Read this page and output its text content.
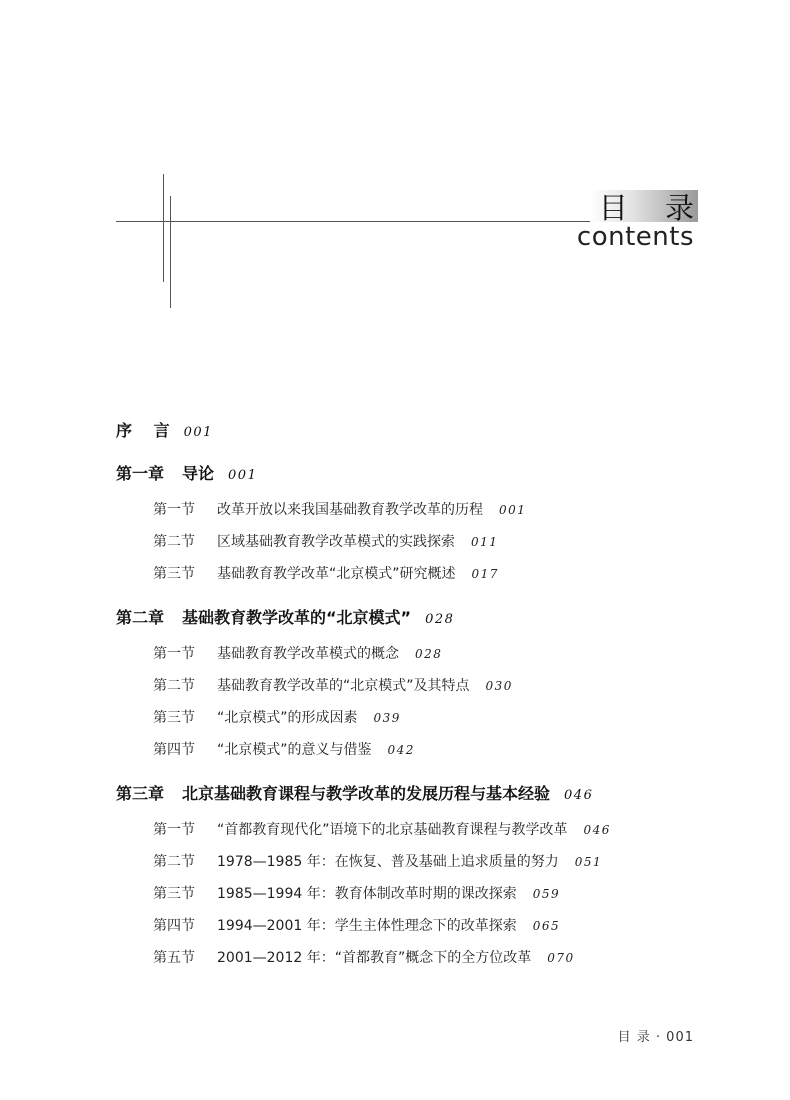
目 录
contents
序 言 001
第一章 导论 001
第一节	改革开放以来我国基础教育教学改革的历程 001
第二节	区域基础教育教学改革模式的实践探索 011
第三节	基础教育教学改革“北京模式”研究概述 017
第二章 基础教育教学改革的“北京模式” 028
第一节	基础教育教学改革模式的概念 028
第二节	基础教育教学改革的“北京模式”及其特点 030
第三节	“北京模式”的形成因素 039
第四节	“北京模式”的意义与借鉴 042
第三章 北京基础教育课程与教学改革的发展历程与基本经验 046
第一节	“首都教育现代化”语境下的北京基础教育课程与教学改革 046
第二节	1978—1985 年：在恢复、普及基础上追求质量的努力 051
第三节	1985—1994 年：教育体制改革时期的课改探索 059
第四节	1994—2001 年：学生主体性理念下的改革探索 065
第五节	2001—2012 年：“首都教育”概念下的全方位改革 070
目 录 · 001
